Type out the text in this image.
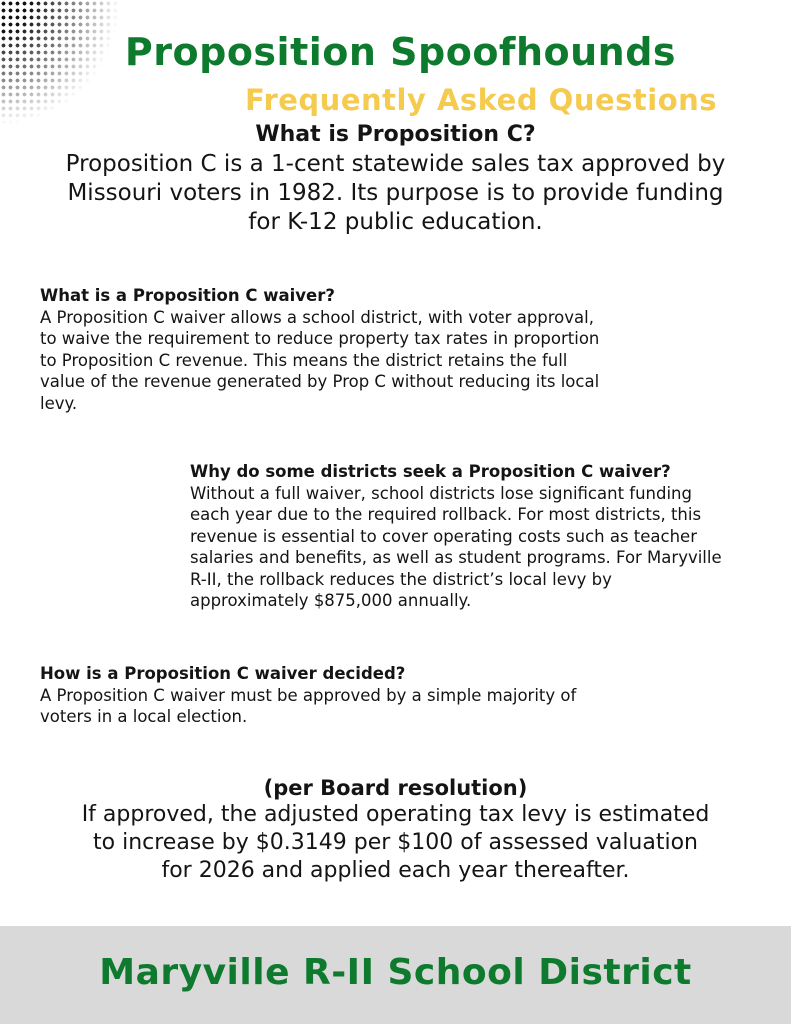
Proposition Spoofhounds
Frequently Asked Questions
What is Proposition C?
Proposition C is a 1-cent statewide sales tax approved by Missouri voters in 1982. Its purpose is to provide funding for K-12 public education.
What is a Proposition C waiver?
A Proposition C waiver allows a school district, with voter approval, to waive the requirement to reduce property tax rates in proportion to Proposition C revenue. This means the district retains the full value of the revenue generated by Prop C without reducing its local levy.
Why do some districts seek a Proposition C waiver?
Without a full waiver, school districts lose significant funding each year due to the required rollback. For most districts, this revenue is essential to cover operating costs such as teacher salaries and benefits, as well as student programs. For Maryville R-II, the rollback reduces the district’s local levy by approximately $875,000 annually.
How is a Proposition C waiver decided?
A Proposition C waiver must be approved by a simple majority of voters in a local election.
(per Board resolution)
If approved, the adjusted operating tax levy is estimated to increase by $0.3149 per $100 of assessed valuation for 2026 and applied each year thereafter.
Maryville R-II School District
